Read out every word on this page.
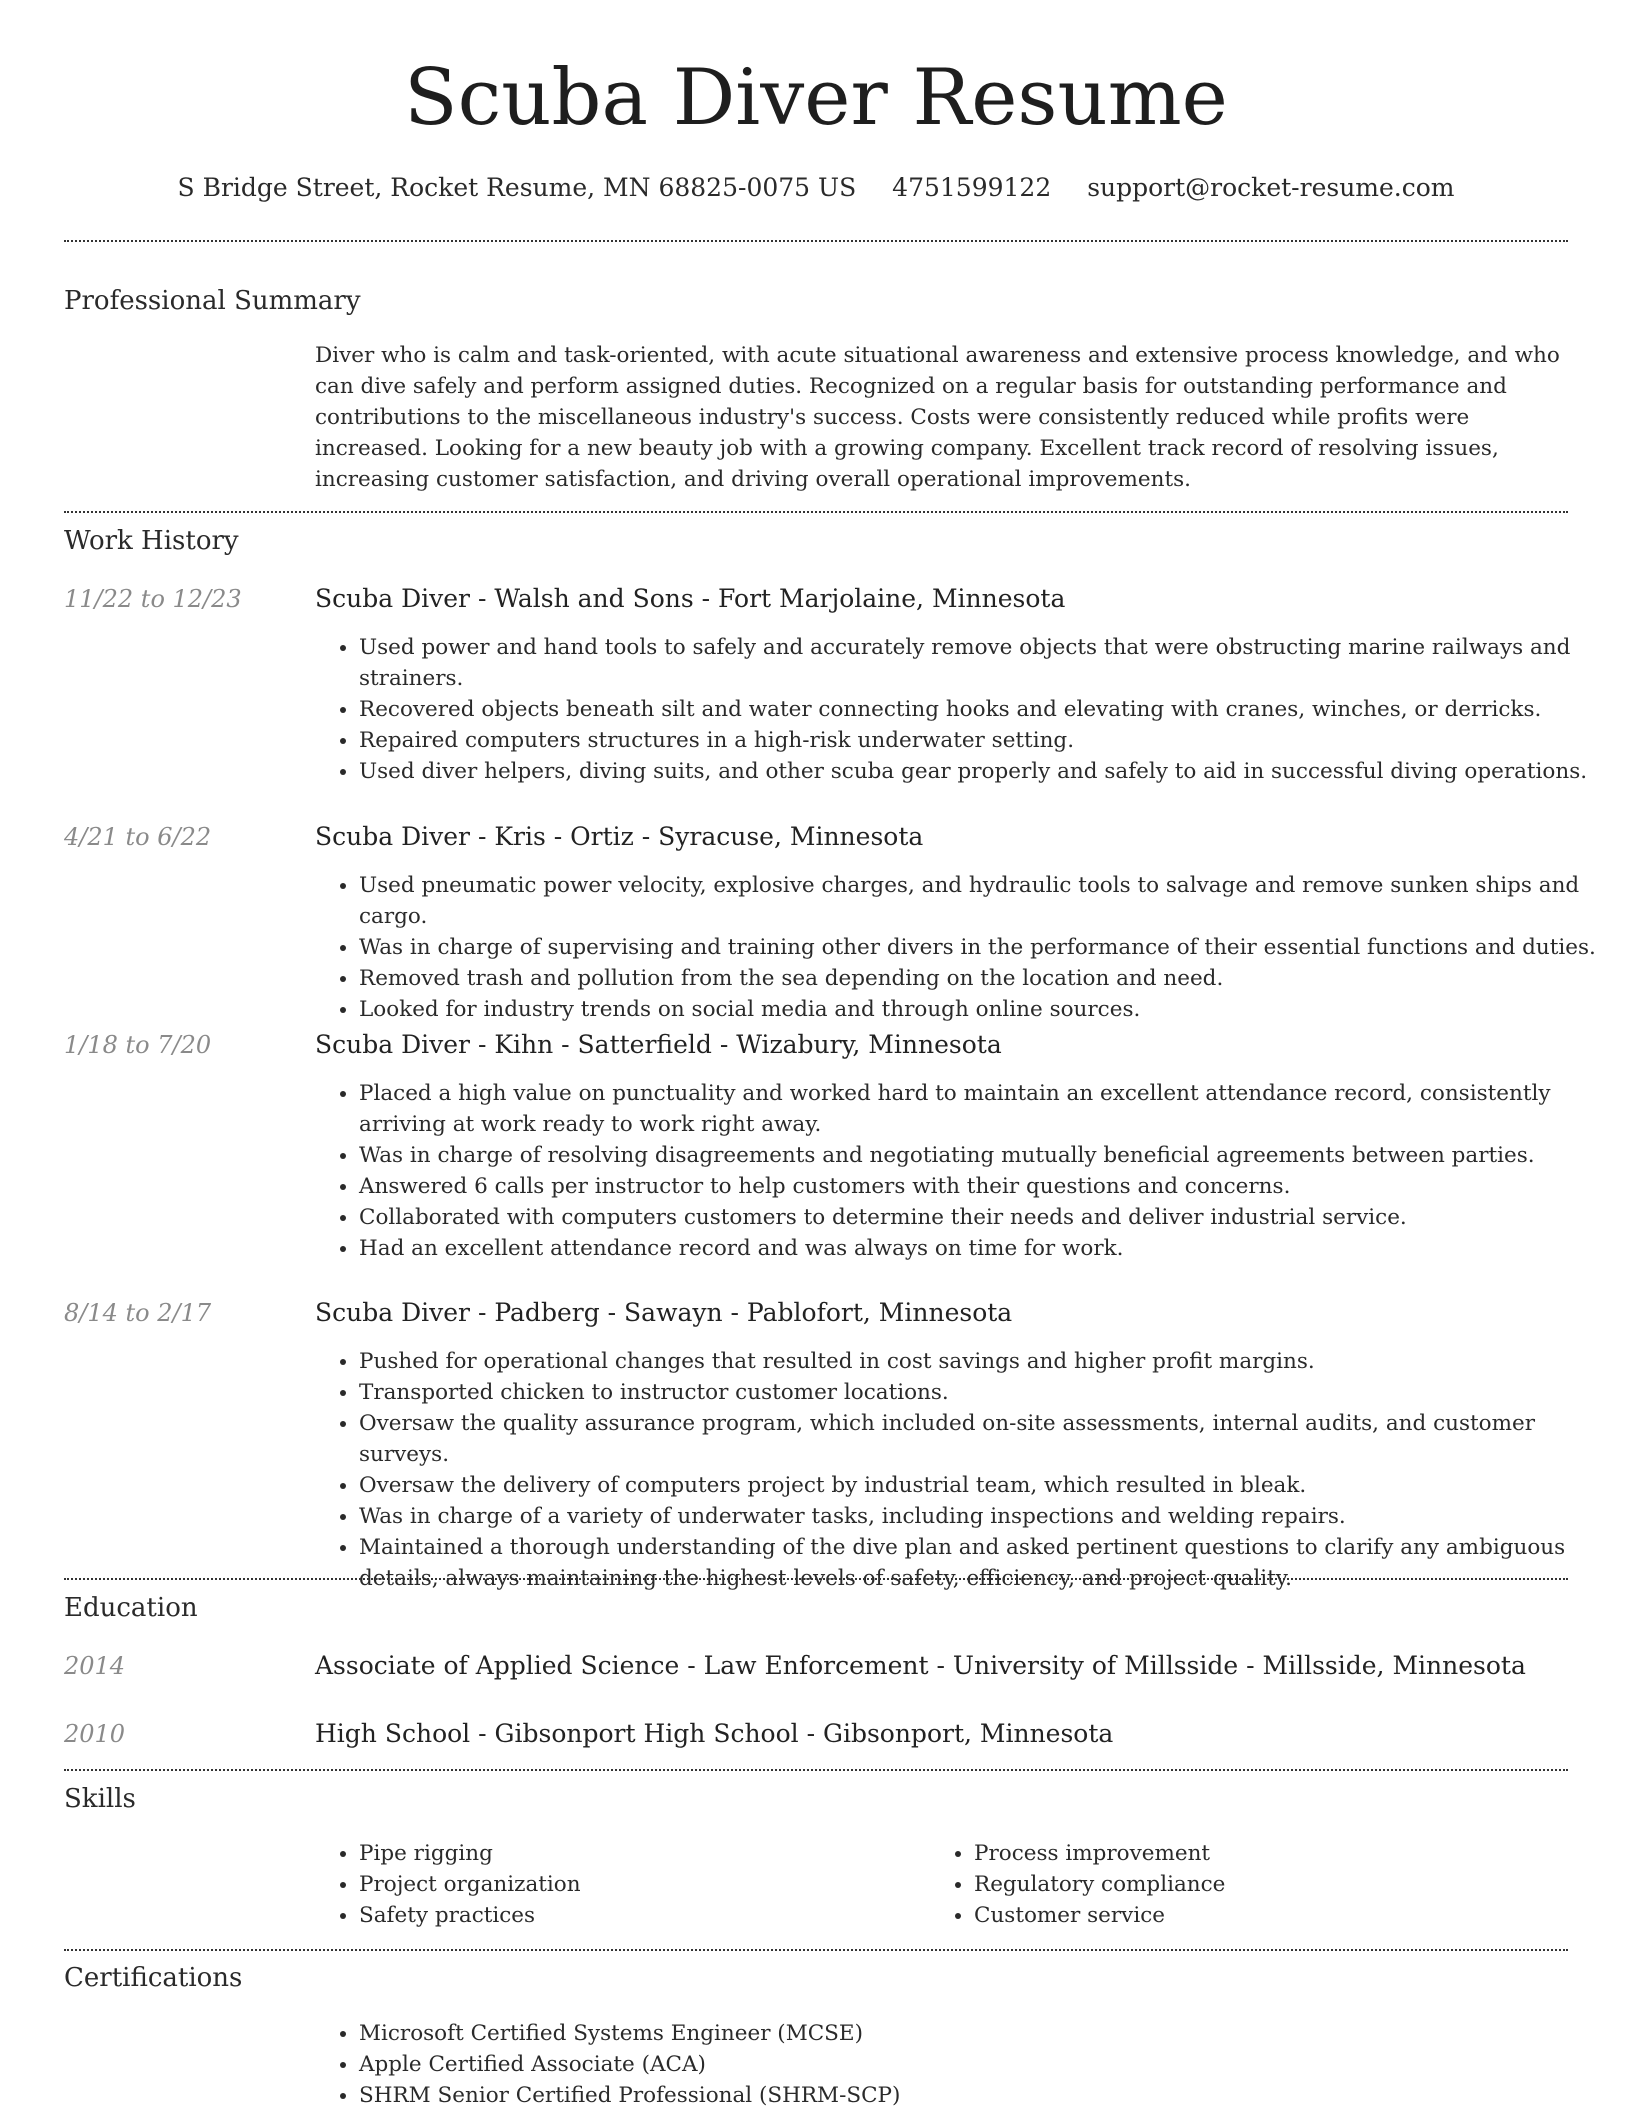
Scuba Diver Resume
S Bridge Street, Rocket Resume, MN 68825-0075 US 4751599122 support@rocket-resume.com
Professional Summary
Diver who is calm and task-oriented, with acute situational awareness and extensive process knowledge, and who can dive safely and perform assigned duties. Recognized on a regular basis for outstanding performance and contributions to the miscellaneous industry's success. Costs were consistently reduced while profits were increased. Looking for a new beauty job with a growing company. Excellent track record of resolving issues, increasing customer satisfaction, and driving overall operational improvements.
Work History
11/22 to 12/23	Scuba Diver - Walsh and Sons - Fort Marjolaine, Minnesota
• Used power and hand tools to safely and accurately remove objects that were obstructing marine railways and strainers.
• Recovered objects beneath silt and water connecting hooks and elevating with cranes, winches, or derricks.
• Repaired computers structures in a high-risk underwater setting.
• Used diver helpers, diving suits, and other scuba gear properly and safely to aid in successful diving operations.
4/21 to 6/22	Scuba Diver - Kris - Ortiz - Syracuse, Minnesota
• Used pneumatic power velocity, explosive charges, and hydraulic tools to salvage and remove sunken ships and cargo.
• Was in charge of supervising and training other divers in the performance of their essential functions and duties.
• Removed trash and pollution from the sea depending on the location and need.
• Looked for industry trends on social media and through online sources.
1/18 to 7/20	Scuba Diver - Kihn - Satterfield - Wizabury, Minnesota
• Placed a high value on punctuality and worked hard to maintain an excellent attendance record, consistently arriving at work ready to work right away.
• Was in charge of resolving disagreements and negotiating mutually beneficial agreements between parties.
• Answered 6 calls per instructor to help customers with their questions and concerns.
• Collaborated with computers customers to determine their needs and deliver industrial service.
• Had an excellent attendance record and was always on time for work.
8/14 to 2/17	Scuba Diver - Padberg - Sawayn - Pablofort, Minnesota
• Pushed for operational changes that resulted in cost savings and higher profit margins.
• Transported chicken to instructor customer locations.
• Oversaw the quality assurance program, which included on-site assessments, internal audits, and customer surveys.
• Oversaw the delivery of computers project by industrial team, which resulted in bleak.
• Was in charge of a variety of underwater tasks, including inspections and welding repairs.
• Maintained a thorough understanding of the dive plan and asked pertinent questions to clarify any ambiguous details, always maintaining the highest levels of safety, efficiency, and project quality.
Education
2014	Associate of Applied Science - Law Enforcement - University of Millsside - Millsside, Minnesota
2010	High School - Gibsonport High School - Gibsonport, Minnesota
Skills
• Pipe rigging
• Project organization
• Safety practices
• Process improvement
• Regulatory compliance
• Customer service
Certifications
• Microsoft Certified Systems Engineer (MCSE)
• Apple Certified Associate (ACA)
• SHRM Senior Certified Professional (SHRM-SCP)
